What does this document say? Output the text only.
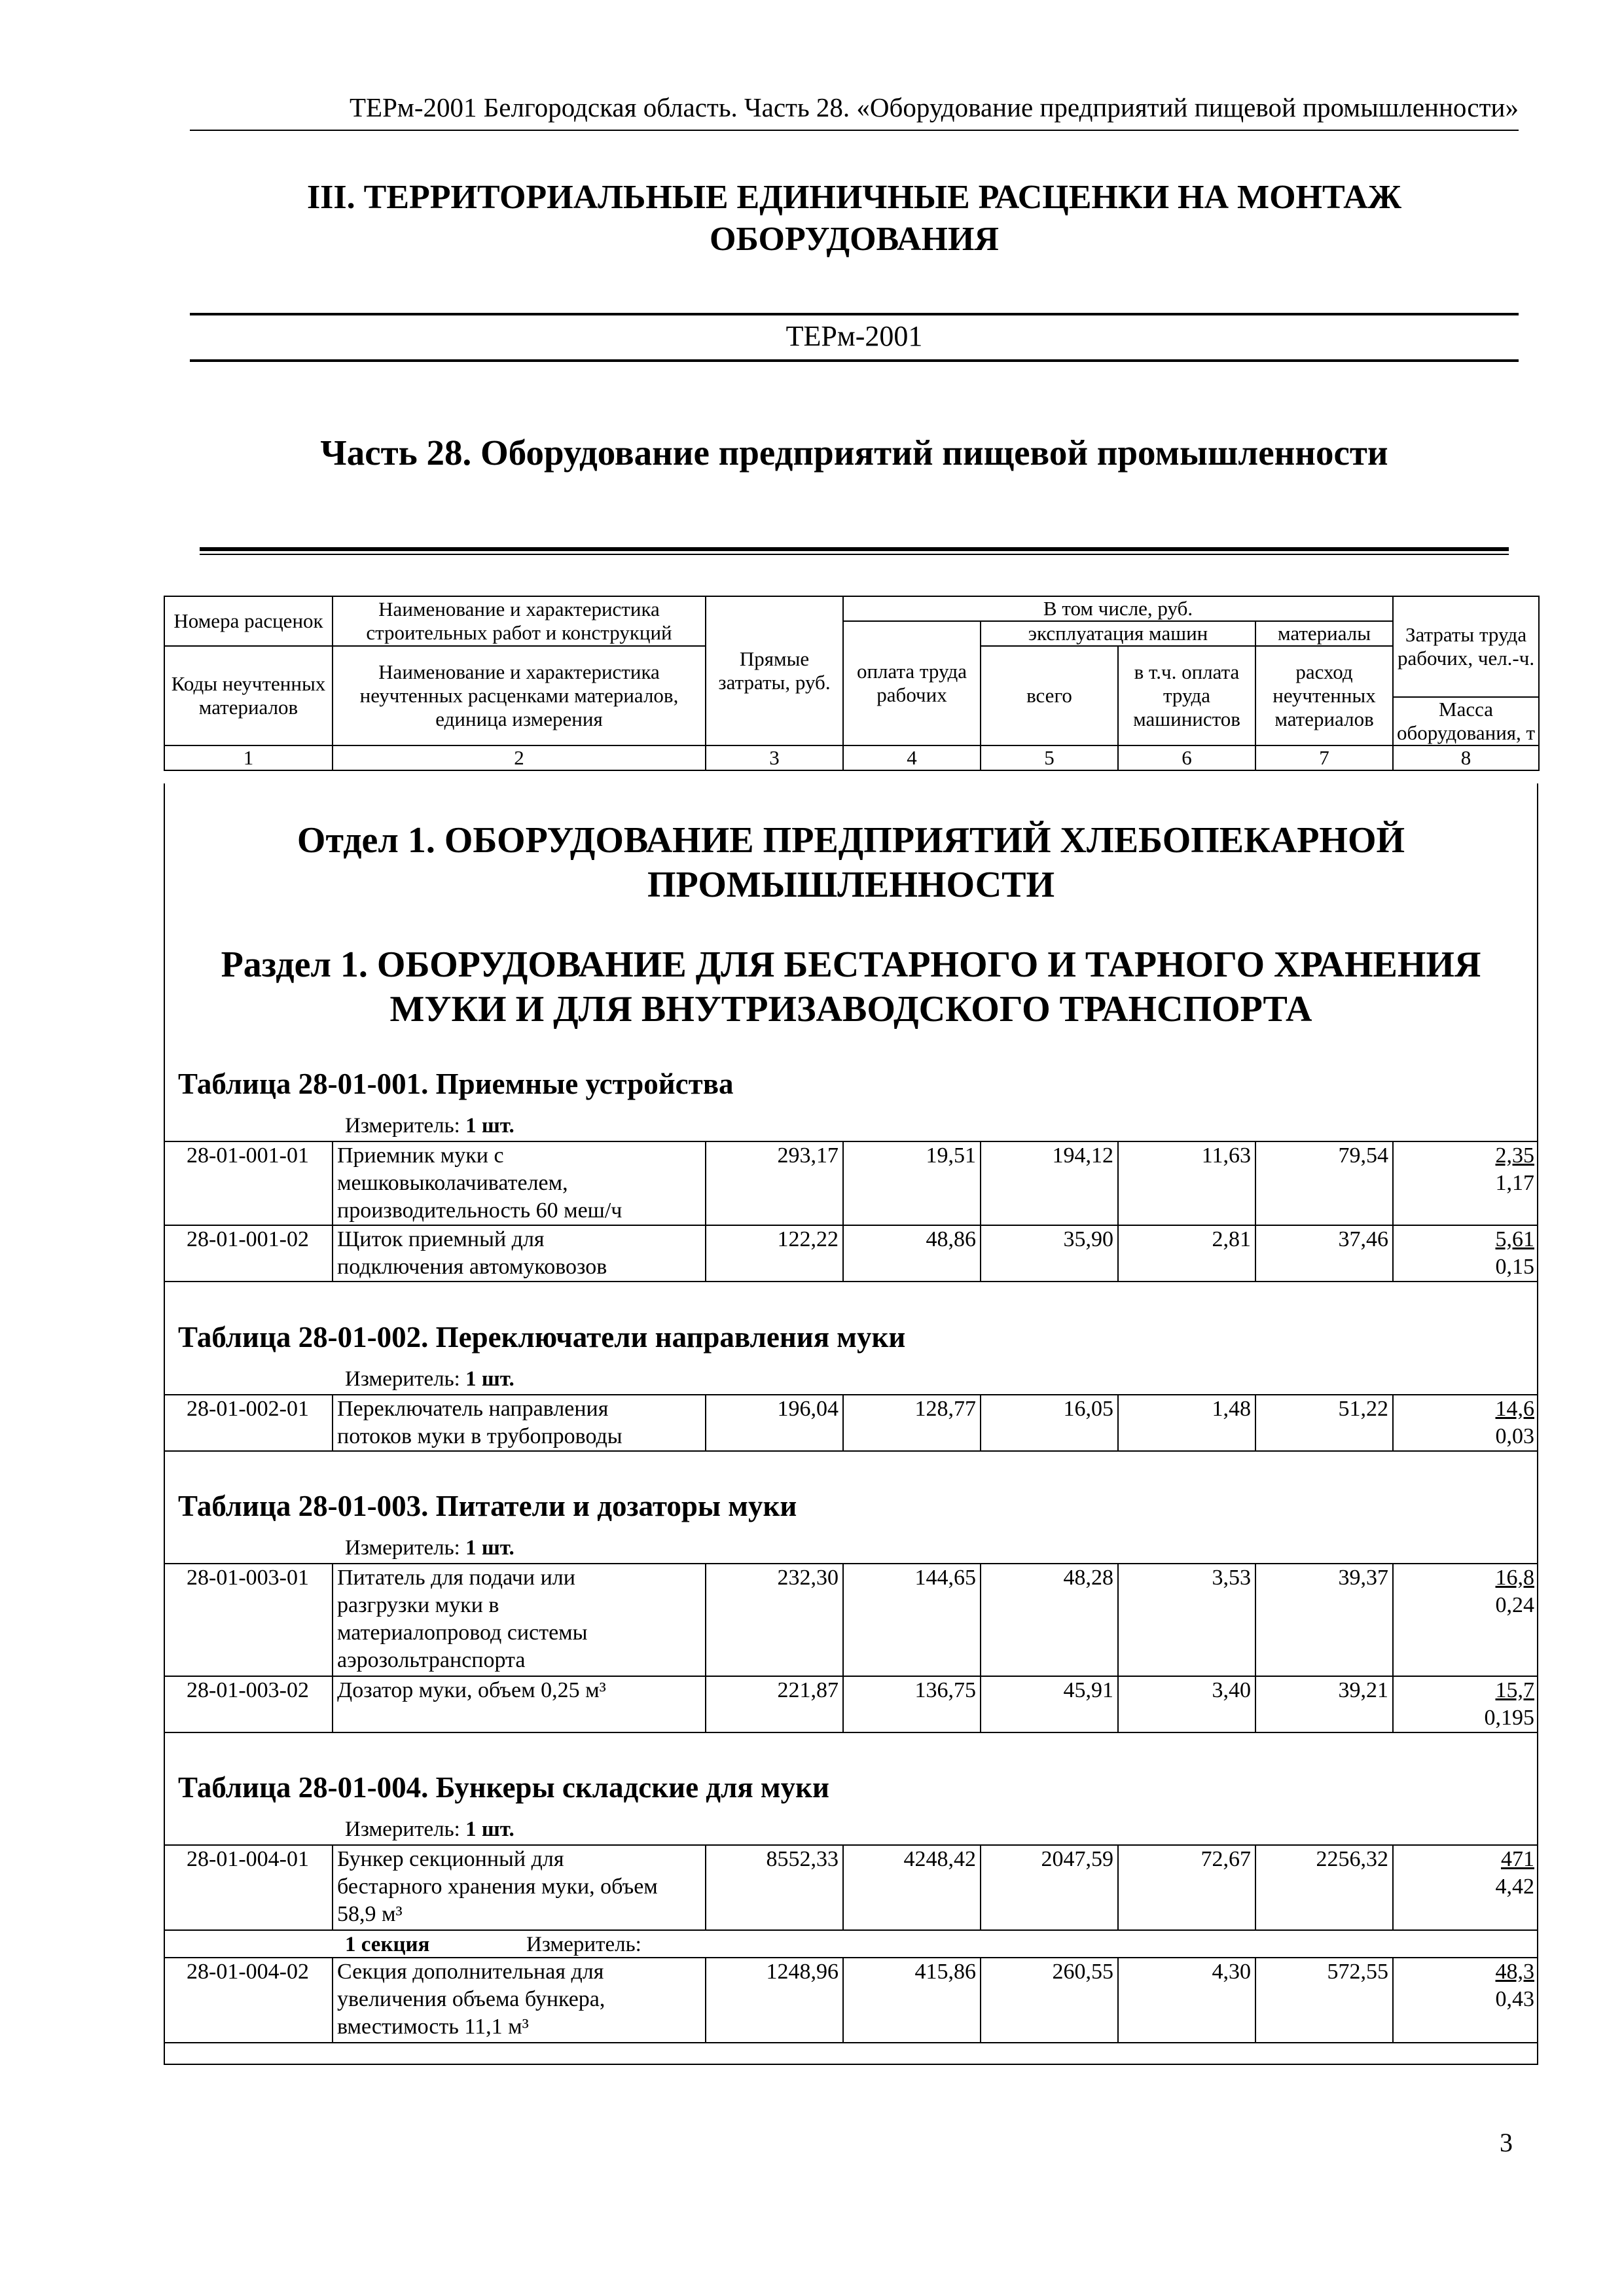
ТЕРм-2001 Белгородская область. Часть 28. «Оборудование предприятий пищевой промышленности»
III. ТЕРРИТОРИАЛЬНЫЕ ЕДИНИЧНЫЕ РАСЦЕНКИ НА МОНТАЖ
ОБОРУДОВАНИЯ
ТЕРм-2001
Часть 28. Оборудование предприятий пищевой промышленности
Номера расценок	Наименование и характеристика строительных работ и конструкций	Прямые затраты, руб.	В том числе, руб.				Затраты труда рабочих, чел.-ч.
			оплата труда рабочих	эксплуатация машин		материалы	
Коды неучтенных материалов	Наименование и характеристика неучтенных расценками материалов, единица измерения			всего	в т.ч. оплата труда машинистов	расход неучтенных материалов	
							Масса оборудования, т
1	2	3	4	5	6	7	8
Отдел 1. ОБОРУДОВАНИЕ ПРЕДПРИЯТИЙ ХЛЕБОПЕКАРНОЙ
ПРОМЫШЛЕННОСТИ
Раздел 1. ОБОРУДОВАНИЕ ДЛЯ БЕСТАРНОГО И ТАРНОГО ХРАНЕНИЯ
МУКИ И ДЛЯ ВНУТРИЗАВОДСКОГО ТРАНСПОРТА
Таблица 28-01-001. Приемные устройства
Измеритель: 1 шт.
28-01-001-01	Приемник муки с
мешковыколачивателем,
производительность 60 меш/ч
293,17	19,51	194,12	11,63	79,54	2,35
1,17
28-01-001-02	Щиток приемный для
подключения автомуковозов
122,22	48,86	35,90	2,81	37,46	5,61
0,15
Таблица 28-01-002. Переключатели направления муки
Измеритель: 1 шт.
28-01-002-01	Переключатель направления
потоков муки в трубопроводы
196,04	128,77	16,05	1,48	51,22	14,6
0,03
Таблица 28-01-003. Питатели и дозаторы муки
Измеритель: 1 шт.
28-01-003-01	Питатель для подачи или
разгрузки муки в
материалопровод системы
аэрозольтранспорта
232,30	144,65	48,28	3,53	39,37	16,8
0,24
28-01-003-02	Дозатор муки, объем 0,25 м³	221,87	136,75	45,91	3,40	39,21	15,7
0,195
Таблица 28-01-004. Бункеры складские для муки
Измеритель: 1 шт.
28-01-004-01	Бункер секционный для
бестарного хранения муки, объем
58,9 м³
8552,33	4248,42	2047,59	72,67	2256,32	471
4,42
Измеритель:
1 секция
28-01-004-02	Секция дополнительная для
увеличения объема бункера,
вместимость 11,1 м³
1248,96	415,86	260,55	4,30	572,55	48,3
0,43
3
